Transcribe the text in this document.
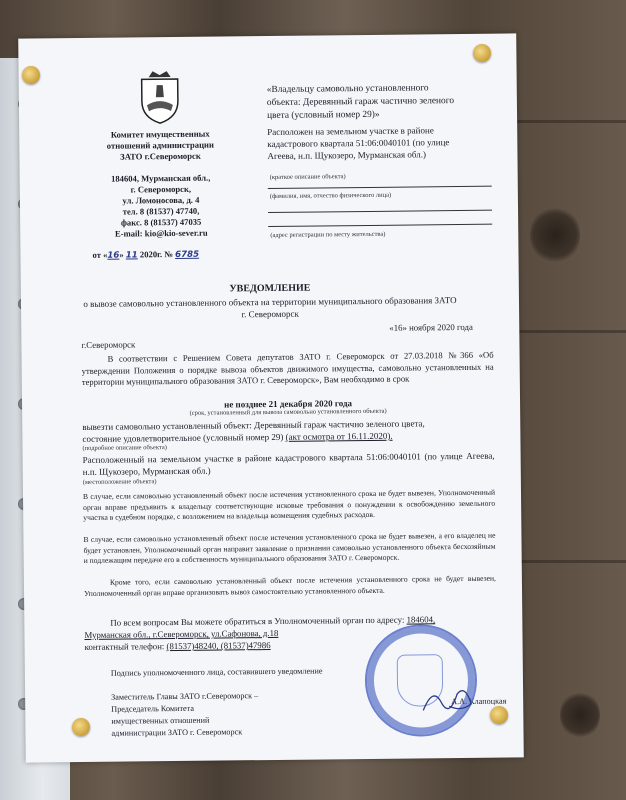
Комитет имущественных
отношений администрации
ЗАТО г.Североморск
184604, Мурманская обл.,
г. Североморск,
ул. Ломоносова, д. 4
тел. 8 (81537) 47740,
факс. 8 (81537) 47035
E-mail: kio@kio-sever.ru
от «16» 11 2020г. № 6785
«Владельцу самовольно установленного
объекта: Деревянный гараж частично зеленого
цвета (условный номер 29)»
Расположен на земельном участке в районе
кадастрового квартала 51:06:0040101 (по улице
Агеева, н.п. Щукозеро, Мурманская обл.)
(краткое описание объекта)
(фамилия, имя, отчество физического лица)
(адрес регистрации по месту жительства)
УВЕДОМЛЕНИЕ
о вывозе самовольно установленного объекта на территории муниципального образования ЗАТО
г. Североморск
«16» ноября 2020 года
г.Североморск
В соответствии с Решением Совета депутатов ЗАТО г. Североморск от 27.03.2018 №366 «Об утверждении Положения о порядке вывоза объектов движимого имущества, самовольно установленных на территории муниципального образования ЗАТО г. Североморск», Вам необходимо в срок
не позднее 21 декабря 2020 года
(срок, установленный для вывоза самовольно установленного объекта)
вывезти самовольно установленный объект: Деревянный гараж частично зеленого цвета,
состояние удовлетворительное (условный номер 29) (акт осмотра от 16.11.2020).
(подробное описание объекта)
Расположенный на земельном участке в районе кадастрового квартала 51:06:0040101 (по улице Агеева, н.п. Щукозеро, Мурманская обл.)
(местоположение объекта)
В случае, если самовольно установленный объект после истечения установленного срока не будет вывезен, Уполномоченный орган вправе предъявить к владельцу соответствующие исковые требования о понуждении к освобождению земельного участка в судебном порядке, с возложением на владельца возмещения судебных расходов.
В случае, если самовольно установленный объект после истечения установленного срока не будет вывезен, а его владелец не будет установлен, Уполномоченный орган направит заявление о признании самовольно установленного объекта бесхозяйным и подлежащим передаче его в собственность муниципального образования ЗАТО г. Североморск.
Кроме того, если самовольно установленный объект после истечения установленного срока не будет вывезен, Уполномоченный орган вправе организовать вывоз самостоятельно установленного объекта.
По всем вопросам Вы можете обратиться в Уполномоченный орган по адресу: 184604,
Мурманская обл., г.Североморск, ул.Сафонова, д.18
контактный телефон: (81537)48240, (81537)47986
Подпись уполномоченного лица, составившего уведомление
Заместитель Главы ЗАТО г.Североморск –
Председатель Комитета
имущественных отношений
администрации ЗАТО г. Североморск
А.А. Клапоцкая
